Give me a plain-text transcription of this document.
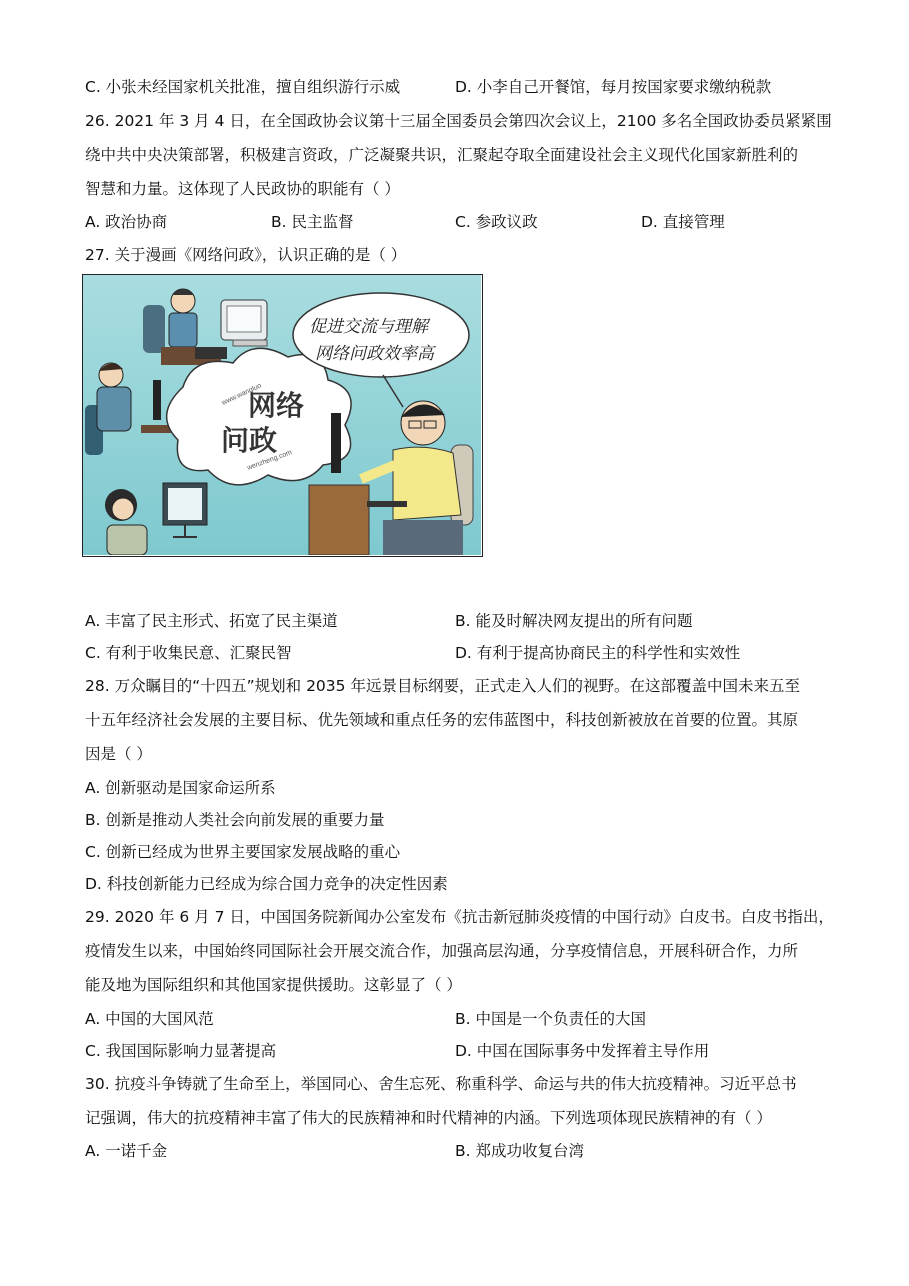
C. 小张未经国家机关批准，擅自组织游行示威	D. 小李自己开餐馆，每月按国家要求缴纳税款
26. 2021 年 3 月 4 日，在全国政协会议第十三届全国委员会第四次会议上，2100 多名全国政协委员紧紧围
绕中共中央决策部署，积极建言资政，广泛凝聚共识，汇聚起夺取全面建设社会主义现代化国家新胜利的
智慧和力量。这体现了人民政协的职能有（ ）
A. 政治协商	B. 民主监督	C. 参政议政	D. 直接管理
27. 关于漫画《网络问政》，认识正确的是（ ）
www.wangluo
wenzheng.com
网络
问政
促进交流与理解
网络问政效率高
A. 丰富了民主形式、拓宽了民主渠道	B. 能及时解决网友提出的所有问题
C. 有利于收集民意、汇聚民智	D. 有利于提高协商民主的科学性和实效性
28. 万众瞩目的“十四五”规划和 2035 年远景目标纲要，正式走入人们的视野。在这部覆盖中国未来五至
十五年经济社会发展的主要目标、优先领域和重点任务的宏伟蓝图中，科技创新被放在首要的位置。其原
因是（ ）
A. 创新驱动是国家命运所系
B. 创新是推动人类社会向前发展的重要力量
C. 创新已经成为世界主要国家发展战略的重心
D. 科技创新能力已经成为综合国力竞争的决定性因素
29. 2020 年 6 月 7 日，中国国务院新闻办公室发布《抗击新冠肺炎疫情的中国行动》白皮书。白皮书指出，
疫情发生以来，中国始终同国际社会开展交流合作，加强高层沟通，分享疫情信息，开展科研合作，力所
能及地为国际组织和其他国家提供援助。这彰显了（ ）
A. 中国的大国风范	B. 中国是一个负责任的大国
C. 我国国际影响力显著提高	D. 中国在国际事务中发挥着主导作用
30. 抗疫斗争铸就了生命至上，举国同心、舍生忘死、称重科学、命运与共的伟大抗疫精神。习近平总书
记强调，伟大的抗疫精神丰富了伟大的民族精神和时代精神的内涵。下列选项体现民族精神的有（ ）
A. 一诺千金	B. 郑成功收复台湾
